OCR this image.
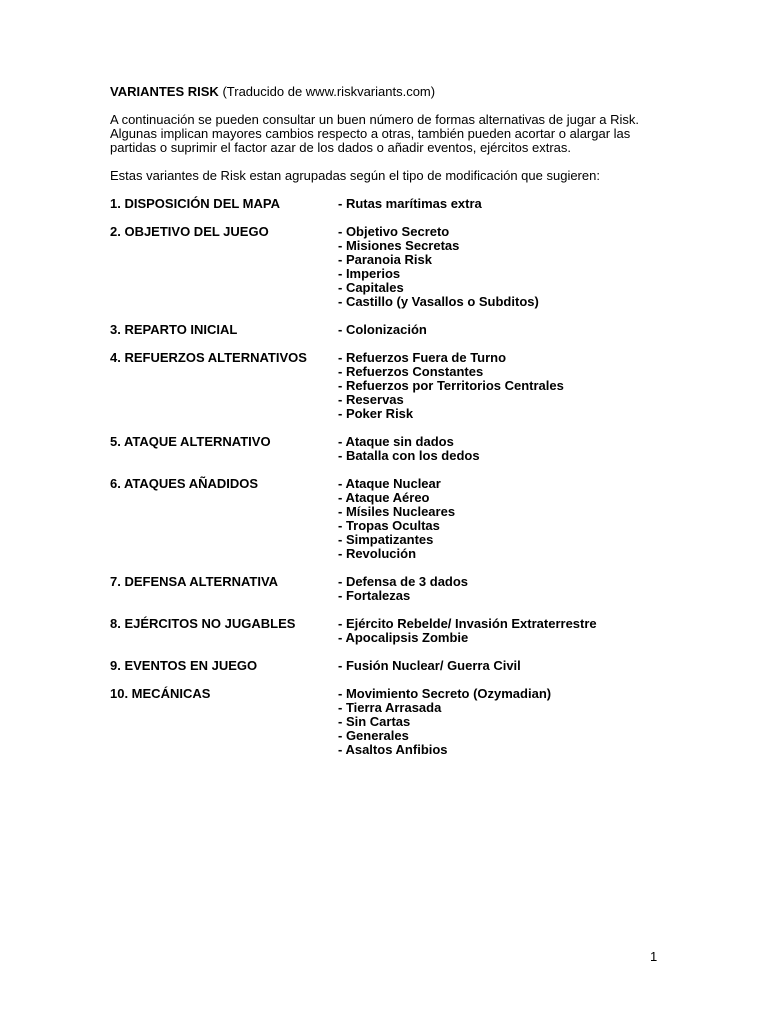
VARIANTES RISK (Traducido de www.riskvariants.com)

A continuación se pueden consultar un buen número de formas alternativas de jugar a Risk.
Algunas implican mayores cambios respecto a otras, también pueden acortar o alargar las
partidas o suprimir el factor azar de los dados o añadir eventos, ejércitos extras.

Estas variantes de Risk estan agrupadas según el tipo de modificación que sugieren:

1. DISPOSICIÓN DEL MAPA	- Rutas marítimas extra
2. OBJETIVO DEL JUEGO	- Objetivo Secreto
- Misiones Secretas
- Paranoia Risk
- Imperios
- Capitales
- Castillo (y Vasallos o Subditos)
3. REPARTO INICIAL	- Colonización
4. REFUERZOS ALTERNATIVOS - Refuerzos Fuera de Turno
- Refuerzos Constantes
- Refuerzos por Territorios Centrales
- Reservas
- Poker Risk
5. ATAQUE ALTERNATIVO	- Ataque sin dados
- Batalla con los dedos
6. ATAQUES AÑADIDOS	- Ataque Nuclear
- Ataque Aéreo
- Mísiles Nucleares
- Tropas Ocultas
- Simpatizantes
- Revolución
7. DEFENSA ALTERNATIVA	- Defensa de 3 dados
- Fortalezas
8. EJÉRCITOS NO JUGABLES	- Ejército Rebelde/ Invasión Extraterrestre
- Apocalipsis Zombie
9. EVENTOS EN JUEGO	- Fusión Nuclear/ Guerra Civil
10. MECÁNICAS	- Movimiento Secreto (Ozymadian)
- Tierra Arrasada
- Sin Cartas
- Generales
- Asaltos Anfibios
1
